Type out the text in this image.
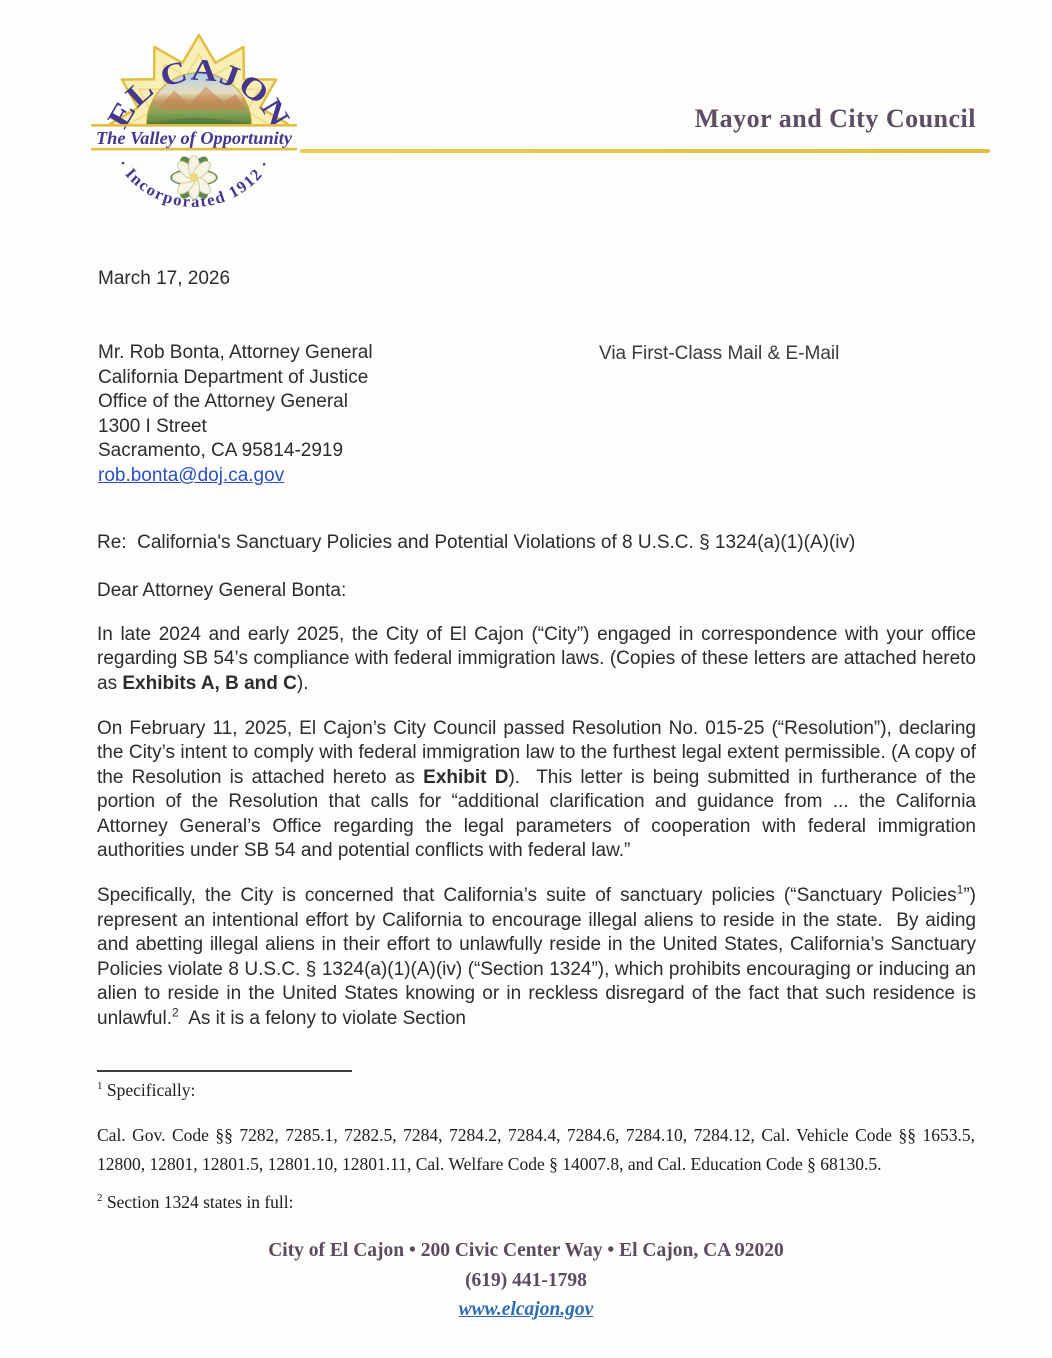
EL CAJON
The Valley of Opportunity
· Incorporated 1912 ·
Mayor and City Council
March 17, 2026
Mr. Rob Bonta, Attorney General
California Department of Justice
Office of the Attorney General
1300 I Street
Sacramento, CA 95814-2919
rob.bonta@doj.ca.gov
Via First-Class Mail & E-Mail

Re:  California's Sanctuary Policies and Potential Violations of 8 U.S.C. § 1324(a)(1)(A)(iv)

Dear Attorney General Bonta:

In late 2024 and early 2025, the City of El Cajon (“City”) engaged in correspondence with your office regarding SB 54’s compliance with federal immigration laws. (Copies of these letters are attached hereto as Exhibits A, B and C).

On February 11, 2025, El Cajon’s City Council passed Resolution No. 015-25 (“Resolution”), declaring the City’s intent to comply with federal immigration law to the furthest legal extent permissible. (A copy of the Resolution is attached hereto as Exhibit D).  This letter is being submitted in furtherance of the portion of the Resolution that calls for “additional clarification and guidance from ... the California Attorney General’s Office regarding the legal parameters of cooperation with federal immigration authorities under SB 54 and potential conflicts with federal law.”

Specifically, the City is concerned that California’s suite of sanctuary policies (“Sanctuary Policies$^1$”) represent an intentional effort by California to encourage illegal aliens to reside in the state.  By aiding and abetting illegal aliens in their effort to unlawfully reside in the United States, California’s Sanctuary Policies violate 8 U.S.C. § 1324(a)(1)(A)(iv) (“Section 1324”), which prohibits encouraging or inducing an alien to reside in the United States knowing or in reckless disregard of the fact that such residence is unlawful.$^2$  As it is a felony to violate Section

$^1$ Specifically:

Cal. Gov. Code §§ 7282, 7285.1, 7282.5, 7284, 7284.2, 7284.4, 7284.6, 7284.10, 7284.12, Cal. Vehicle Code §§ 1653.5, 12800, 12801, 12801.5, 12801.10, 12801.11, Cal. Welfare Code § 14007.8, and Cal. Education Code § 68130.5.

$^2$ Section 1324 states in full:

City of El Cajon • 200 Civic Center Way • El Cajon, CA 92020
(619) 441-1798
www.elcajon.gov
